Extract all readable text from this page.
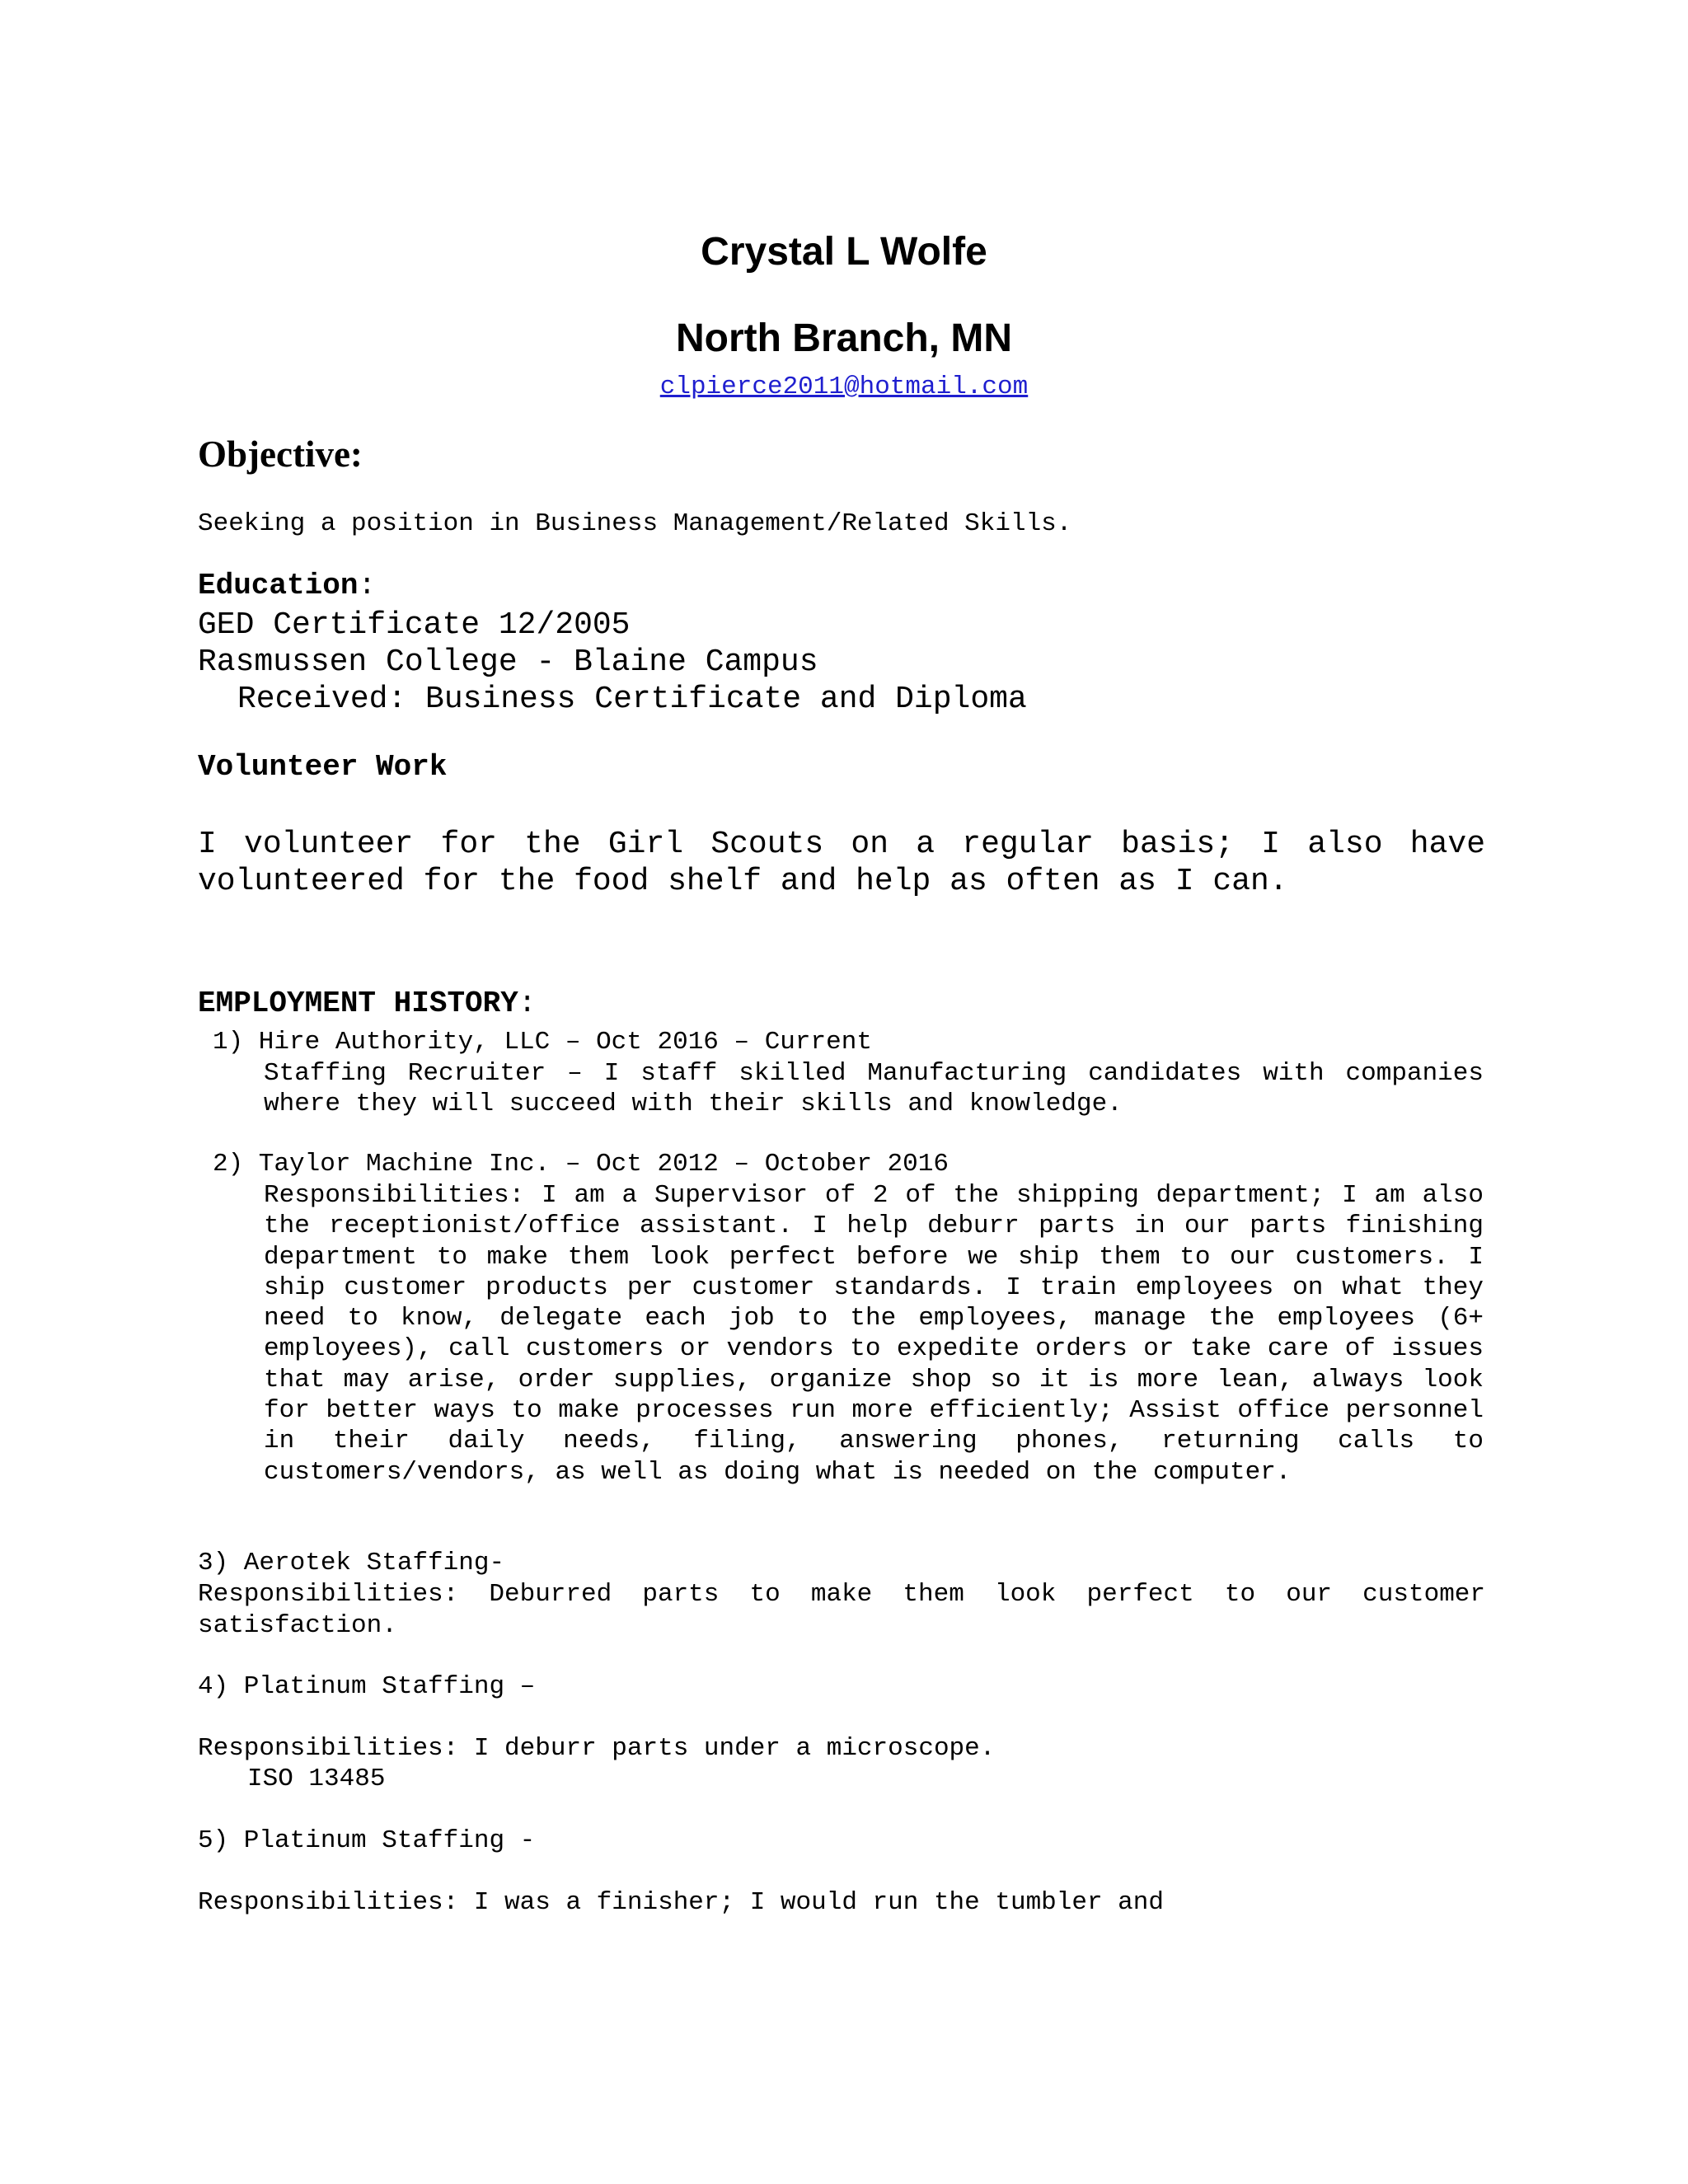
Crystal L Wolfe
North Branch, MN
clpierce2011@hotmail.com
Objective:
Seeking a position in Business Management/Related Skills.
Education:
GED Certificate 12/2005
Rasmussen College - Blaine Campus
Received: Business Certificate and Diploma
Volunteer Work

I volunteer for the Girl Scouts on a regular basis; I also have volunteered for the food shelf and help as often as I can.

EMPLOYMENT HISTORY:
1) Hire Authority, LLC – Oct 2016 – Current

Staffing Recruiter – I staff skilled Manufacturing candidates with companies where they will succeed with their skills and knowledge.

2) Taylor Machine Inc. – Oct 2012 – October 2016

Responsibilities: I am a Supervisor of 2 of the shipping department; I am also the receptionist/office assistant. I help deburr parts in our parts finishing department to make them look perfect before we ship them to our customers. I ship customer products per customer standards. I train employees on what they need to know, delegate each job to the employees, manage the employees (6+ employees), call customers or vendors to expedite orders or take care of issues that may arise, order supplies, organize shop so it is more lean, always look for better ways to make processes run more efficiently; Assist office personnel in their daily needs, filing, answering phones, returning calls to customers/vendors, as well as doing what is needed on the computer.

3) Aerotek Staffing-

Responsibilities: Deburred parts to make them look perfect to our customer satisfaction.

4) Platinum Staffing –
Responsibilities: I deburr parts under a microscope.
ISO 13485
5) Platinum Staffing -
Responsibilities: I was a finisher; I would run the tumbler and
